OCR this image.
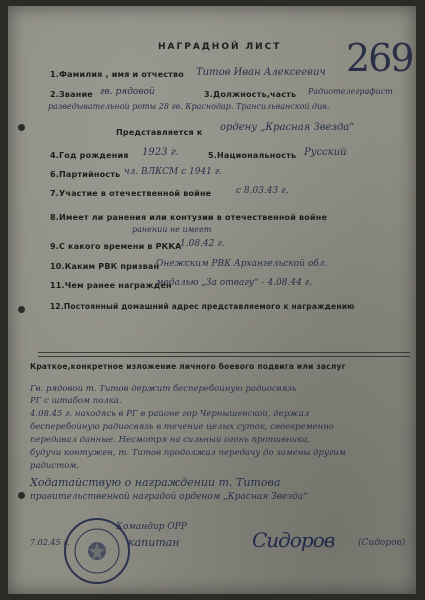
НАГРАДНОЙ ЛИСТ 269
1.Фамилия , имя и отчество Титов Иван Алексеевич
2.Звание гв. рядовой	3.Должность,часть Радиотелеграфист
разведывательной роты 28 гв. Краснодар. Трансильванской див.
Представляется к ордену „Красная Звезда“
4.Год рождения 1923 г.	5.Национальность Русский
6.Партийность чл. ВЛКСМ с 1941 г.
7.Участие в отечественной войне	с 8.03.43 г.
8.Имеет ли ранения или контузии в отечественной войне
ранений не имеет
9.С какого времени в РККА
1.08.42 г.
10.Каким РВК призван
Онежским РВК Архангельской обл.
11.Чем ранее награжден
медалью „За отвагу“ - 4.08.44 г.
12.Постоянный домашний адрес представляемого к награждению
Краткое,конкретное изложение личного боевого подвига или заслуг
Гв. рядовой т. Титов держит бесперебойную радиосвязь
РГ с штабом полка.
4.08.45 г. находясь в РГ в районе гор Чернышевской, держал
бесперебойную радиосвязь в течение целых суток, своевременно
передавал данные. Несмотря на сильный огонь противника,
будучи контужен, т. Титов продолжал передачу до замены другим
радистом.
Ходатайствую о награждении т. Титова
правительственной наградой орденом „Красная Звезда“
7.02.45 г.
Командир ОРР
капитан	Сидоров	(Сидоров)
